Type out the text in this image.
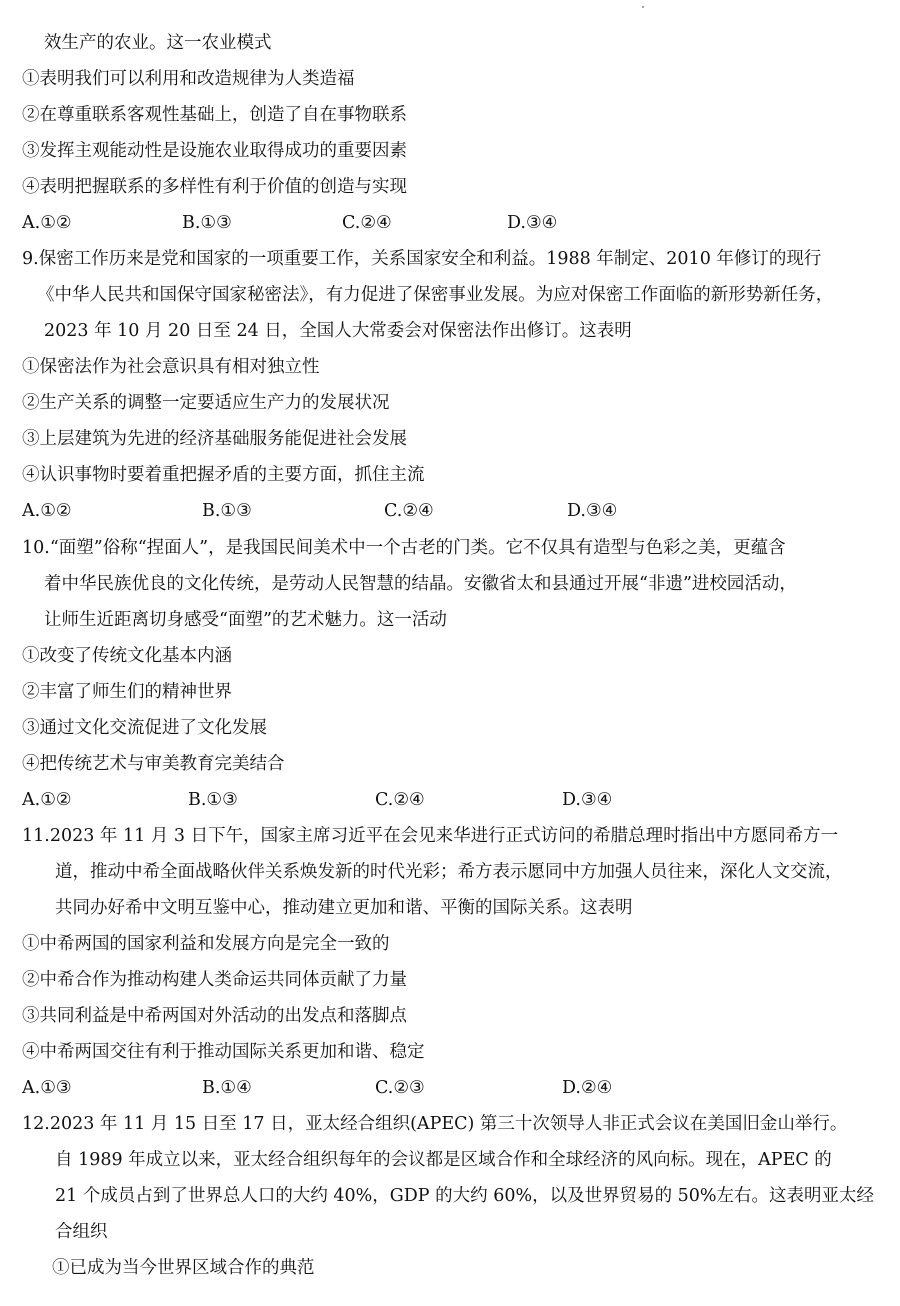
效生产的农业。这一农业模式
①表明我们可以利用和改造规律为人类造福
②在尊重联系客观性基础上，创造了自在事物联系
③发挥主观能动性是设施农业取得成功的重要因素
④表明把握联系的多样性有利于价值的创造与实现
A.①②	B.①③	C.②④	D.③④
9.保密工作历来是党和国家的一项重要工作，关系国家安全和利益。1988 年制定、2010 年修订的现行
《中华人民共和国保守国家秘密法》，有力促进了保密事业发展。为应对保密工作面临的新形势新任务，
2023 年 10 月 20 日至 24 日，全国人大常委会对保密法作出修订。这表明
①保密法作为社会意识具有相对独立性
②生产关系的调整一定要适应生产力的发展状况
③上层建筑为先进的经济基础服务能促进社会发展
④认识事物时要着重把握矛盾的主要方面，抓住主流
A.①②	B.①③	C.②④	D.③④
10.“面塑”俗称“捏面人”，是我国民间美术中一个古老的门类。它不仅具有造型与色彩之美，更蕴含
着中华民族优良的文化传统，是劳动人民智慧的结晶。安徽省太和县通过开展“非遗”进校园活动，
让师生近距离切身感受“面塑”的艺术魅力。这一活动
①改变了传统文化基本内涵
②丰富了师生们的精神世界
③通过文化交流促进了文化发展
④把传统艺术与审美教育完美结合
A.①②	B.①③	C.②④	D.③④
11.2023 年 11 月 3 日下午，国家主席习近平在会见来华进行正式访问的希腊总理时指出中方愿同希方一
道，推动中希全面战略伙伴关系焕发新的时代光彩；希方表示愿同中方加强人员往来，深化人文交流，
共同办好希中文明互鉴中心，推动建立更加和谐、平衡的国际关系。这表明
①中希两国的国家利益和发展方向是完全一致的
②中希合作为推动构建人类命运共同体贡献了力量
③共同利益是中希两国对外活动的出发点和落脚点
④中希两国交往有利于推动国际关系更加和谐、稳定
A.①③	B.①④	C.②③	D.②④
12.2023 年 11 月 15 日至 17 日，亚太经合组织(APEC) 第三十次领导人非正式会议在美国旧金山举行。
自 1989 年成立以来，亚太经合组织每年的会议都是区域合作和全球经济的风向标。现在，APEC 的
21 个成员占到了世界总人口的大约 40%，GDP 的大约 60%，以及世界贸易的 50%左右。这表明亚太经
合组织
①已成为当今世界区域合作的典范
